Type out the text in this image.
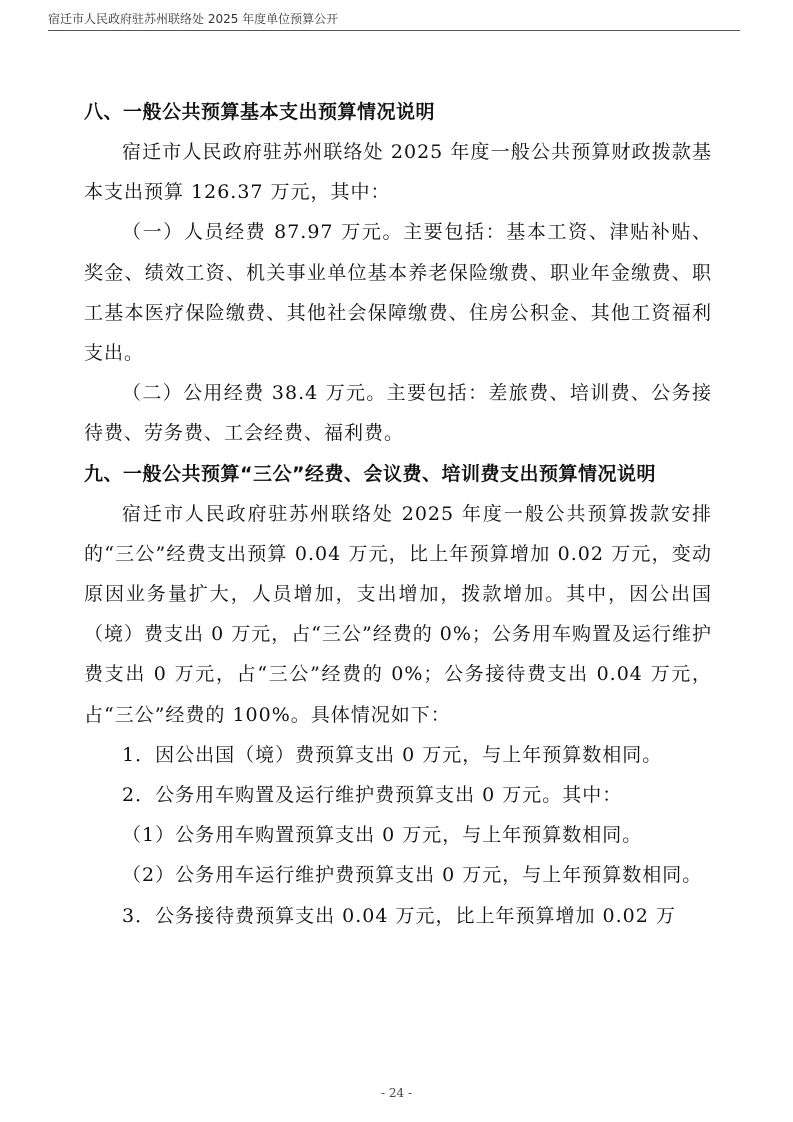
宿迁市人民政府驻苏州联络处 2025 年度单位预算公开
八、一般公共预算基本支出预算情况说明
宿迁市人民政府驻苏州联络处 2025 年度一般公共预算财政拨款基本支出预算 126.37 万元，其中：
（一）人员经费 87.97 万元。主要包括：基本工资、津贴补贴、奖金、绩效工资、机关事业单位基本养老保险缴费、职业年金缴费、职工基本医疗保险缴费、其他社会保障缴费、住房公积金、其他工资福利支出。
（二）公用经费 38.4 万元。主要包括：差旅费、培训费、公务接待费、劳务费、工会经费、福利费。
九、一般公共预算“三公”经费、会议费、培训费支出预算情况说明
宿迁市人民政府驻苏州联络处 2025 年度一般公共预算拨款安排的“三公”经费支出预算 0.04 万元，比上年预算增加 0.02 万元，变动原因业务量扩大，人员增加，支出增加，拨款增加。其中，因公出国（境）费支出 0 万元，占“三公”经费的 0%；公务用车购置及运行维护费支出 0 万元，占“三公”经费的 0%；公务接待费支出 0.04 万元，占“三公”经费的 100%。具体情况如下：
1．因公出国（境）费预算支出 0 万元，与上年预算数相同。
2．公务用车购置及运行维护费预算支出 0 万元。其中：
（1）公务用车购置预算支出 0 万元，与上年预算数相同。
（2）公务用车运行维护费预算支出 0 万元，与上年预算数相同。
3．公务接待费预算支出 0.04 万元，比上年预算增加 0.02 万
- 24 -
